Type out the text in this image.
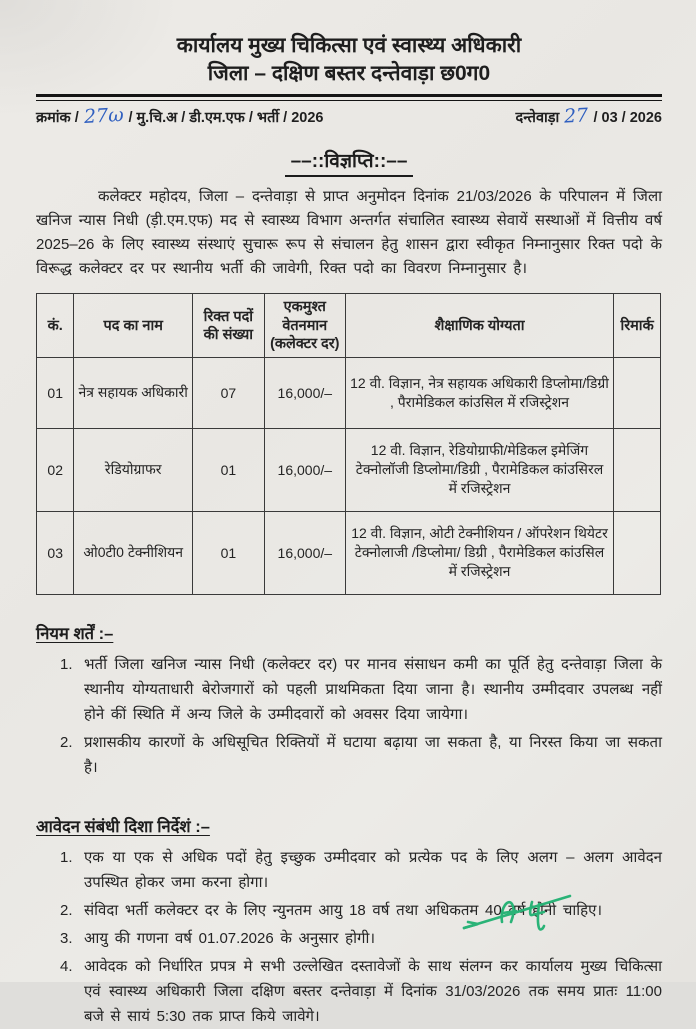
कार्यालय मुख्य चिकित्सा एवं स्वास्थ्य अधिकारी
जिला – दक्षिण बस्तर दन्तेवाड़ा छ0ग0
क्रमांक / 27ω / मु.चि.अ / डी.एम.एफ / भर्ती / 2026	दन्तेवाड़ा 27 / 03 / 2026
––::विज्ञप्ति::––
कलेक्टर महोदय, जिला – दन्तेवाड़ा से प्राप्त अनुमोदन दिनांक 21/03/2026 के परिपालन में जिला खनिज न्यास निधी (ड़ी.एम.एफ) मद से स्वास्थ्य विभाग अन्तर्गत संचालित स्वास्थ्य सेवायें सस्थाओं में वित्तीय वर्ष 2025–26 के लिए स्वास्थ्य संस्थाएं सुचारू रूप से संचालन हेतु शासन द्वारा स्वीकृत निम्नानुसार रिक्त पदो के विरूद्ध कलेक्टर दर पर स्थानीय भर्ती की जावेगी, रिक्त पदो का विवरण निम्नानुसार है।
कं.	पद का नाम	रिक्त पदों की संख्या	एकमुश्त वेतनमान (कलेक्टर दर)	शैक्षाणिक योग्यता	रिमार्क
01	नेत्र सहायक अधिकारी	07	16,000/–	12 वी. विज्ञान, नेत्र सहायक अधिकारी डिप्लोमा/डिग्री , पैरामेडिकल कांउसिल में रजिस्ट्रेशन	
02	रेडियोग्राफर	01	16,000/–	12 वी. विज्ञान, रेडियोग्राफी/मेडिकल इमेजिंग टेक्नोलॉजी डिप्लोमा/डिग्री , पैरामेडिकल कांउसिरल में रजिस्ट्रेशन	
03	ओ0टी0 टेक्नीशियन	01	16,000/–	12 वी. विज्ञान, ओटी टेक्नीशियन / ऑपरेशन थियेटर टेक्नोलाजी /डिप्लोमा/ डिग्री , पैरामेडिकल कांउसिल में रजिस्ट्रेशन	
नियम शर्तें :–
1. भर्ती जिला खनिज न्यास निधी (कलेक्टर दर) पर मानव संसाधन कमी का पूर्ति हेतु दन्तेवाड़ा जिला के स्थानीय योग्यताधारी बेरोजगारों को पहली प्राथमिकता दिया जाना है। स्थानीय उम्मीदवार उपलब्ध नहीं होने कीं स्थिति में अन्य जिले के उम्मीदवारों को अवसर दिया जायेगा।
2. प्रशासकीय कारणों के अधिसूचित रिक्तियों में घटाया बढ़ाया जा सकता है, या निरस्त किया जा सकता है।
आवेदन संबंधी दिशा निर्देशं :–
1. एक या एक से अधिक पदों हेतु इच्छुक उम्मीदवार को प्रत्येक पद के लिए अलग – अलग आवेदन उपस्थित होकर जमा करना होगा।
2. संविदा भर्ती कलेक्टर दर के लिए न्युनतम आयु 18 वर्ष तथा अधिकतम 40 वर्ष होनी चाहिए।
3. आयु की गणना वर्ष 01.07.2026 के अनुसार होगी।
4. आवेदक को निर्धारित प्रपत्र मे सभी उल्लेखित दस्तावेजों के साथ संलग्न कर कार्यालय मुख्य चिकित्सा एवं स्वास्थ्य अधिकारी जिला दक्षिण बस्तर दन्तेवाड़ा में दिनांक 31/03/2026 तक समय प्रातः 11:00 बजे से सायं 5:30 तक प्राप्त किये जावेगे।
